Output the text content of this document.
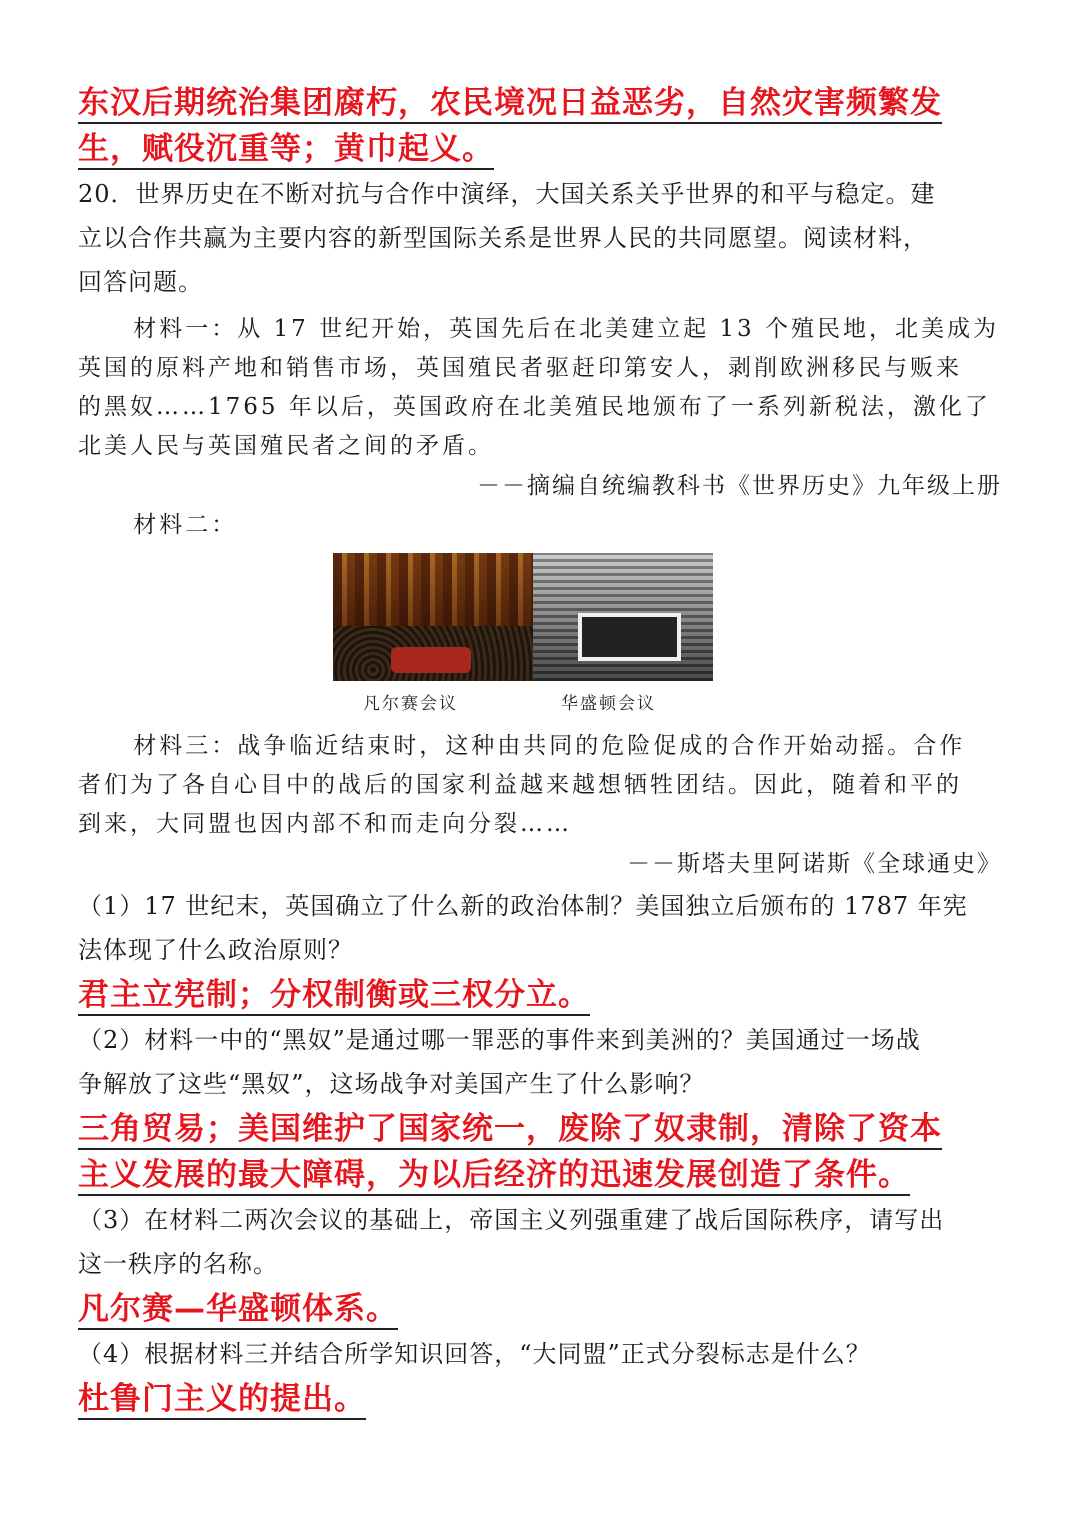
东汉后期统治集团腐朽，农民境况日益恶劣，自然灾害频繁发
生，赋役沉重等；黄巾起义。
20．世界历史在不断对抗与合作中演绎，大国关系关乎世界的和平与稳定。建
立以合作共赢为主要内容的新型国际关系是世界人民的共同愿望。阅读材料，
回答问题。
材料一：从 17 世纪开始，英国先后在北美建立起 13 个殖民地，北美成为
英国的原料产地和销售市场，英国殖民者驱赶印第安人，剥削欧洲移民与贩来
的黑奴……1765 年以后，英国政府在北美殖民地颁布了一系列新税法，激化了
北美人民与英国殖民者之间的矛盾。
－－摘编自统编教科书《世界历史》九年级上册
材料二：
凡尔赛会议	华盛顿会议
材料三：战争临近结束时，这种由共同的危险促成的合作开始动摇。合作
者们为了各自心目中的战后的国家利益越来越想牺牲团结。因此，随着和平的
到来，大同盟也因内部不和而走向分裂……
－－斯塔夫里阿诺斯《全球通史》
（1）17 世纪末，英国确立了什么新的政治体制？美国独立后颁布的 1787 年宪
法体现了什么政治原则？
君主立宪制；分权制衡或三权分立。
（2）材料一中的“黑奴”是通过哪一罪恶的事件来到美洲的？美国通过一场战
争解放了这些“黑奴”，这场战争对美国产生了什么影响？
三角贸易；美国维护了国家统一，废除了奴隶制，清除了资本
主义发展的最大障碍，为以后经济的迅速发展创造了条件。
（3）在材料二两次会议的基础上，帝国主义列强重建了战后国际秩序，请写出
这一秩序的名称。
凡尔赛—华盛顿体系。
（4）根据材料三并结合所学知识回答，“大同盟”正式分裂标志是什么？
杜鲁门主义的提出。
